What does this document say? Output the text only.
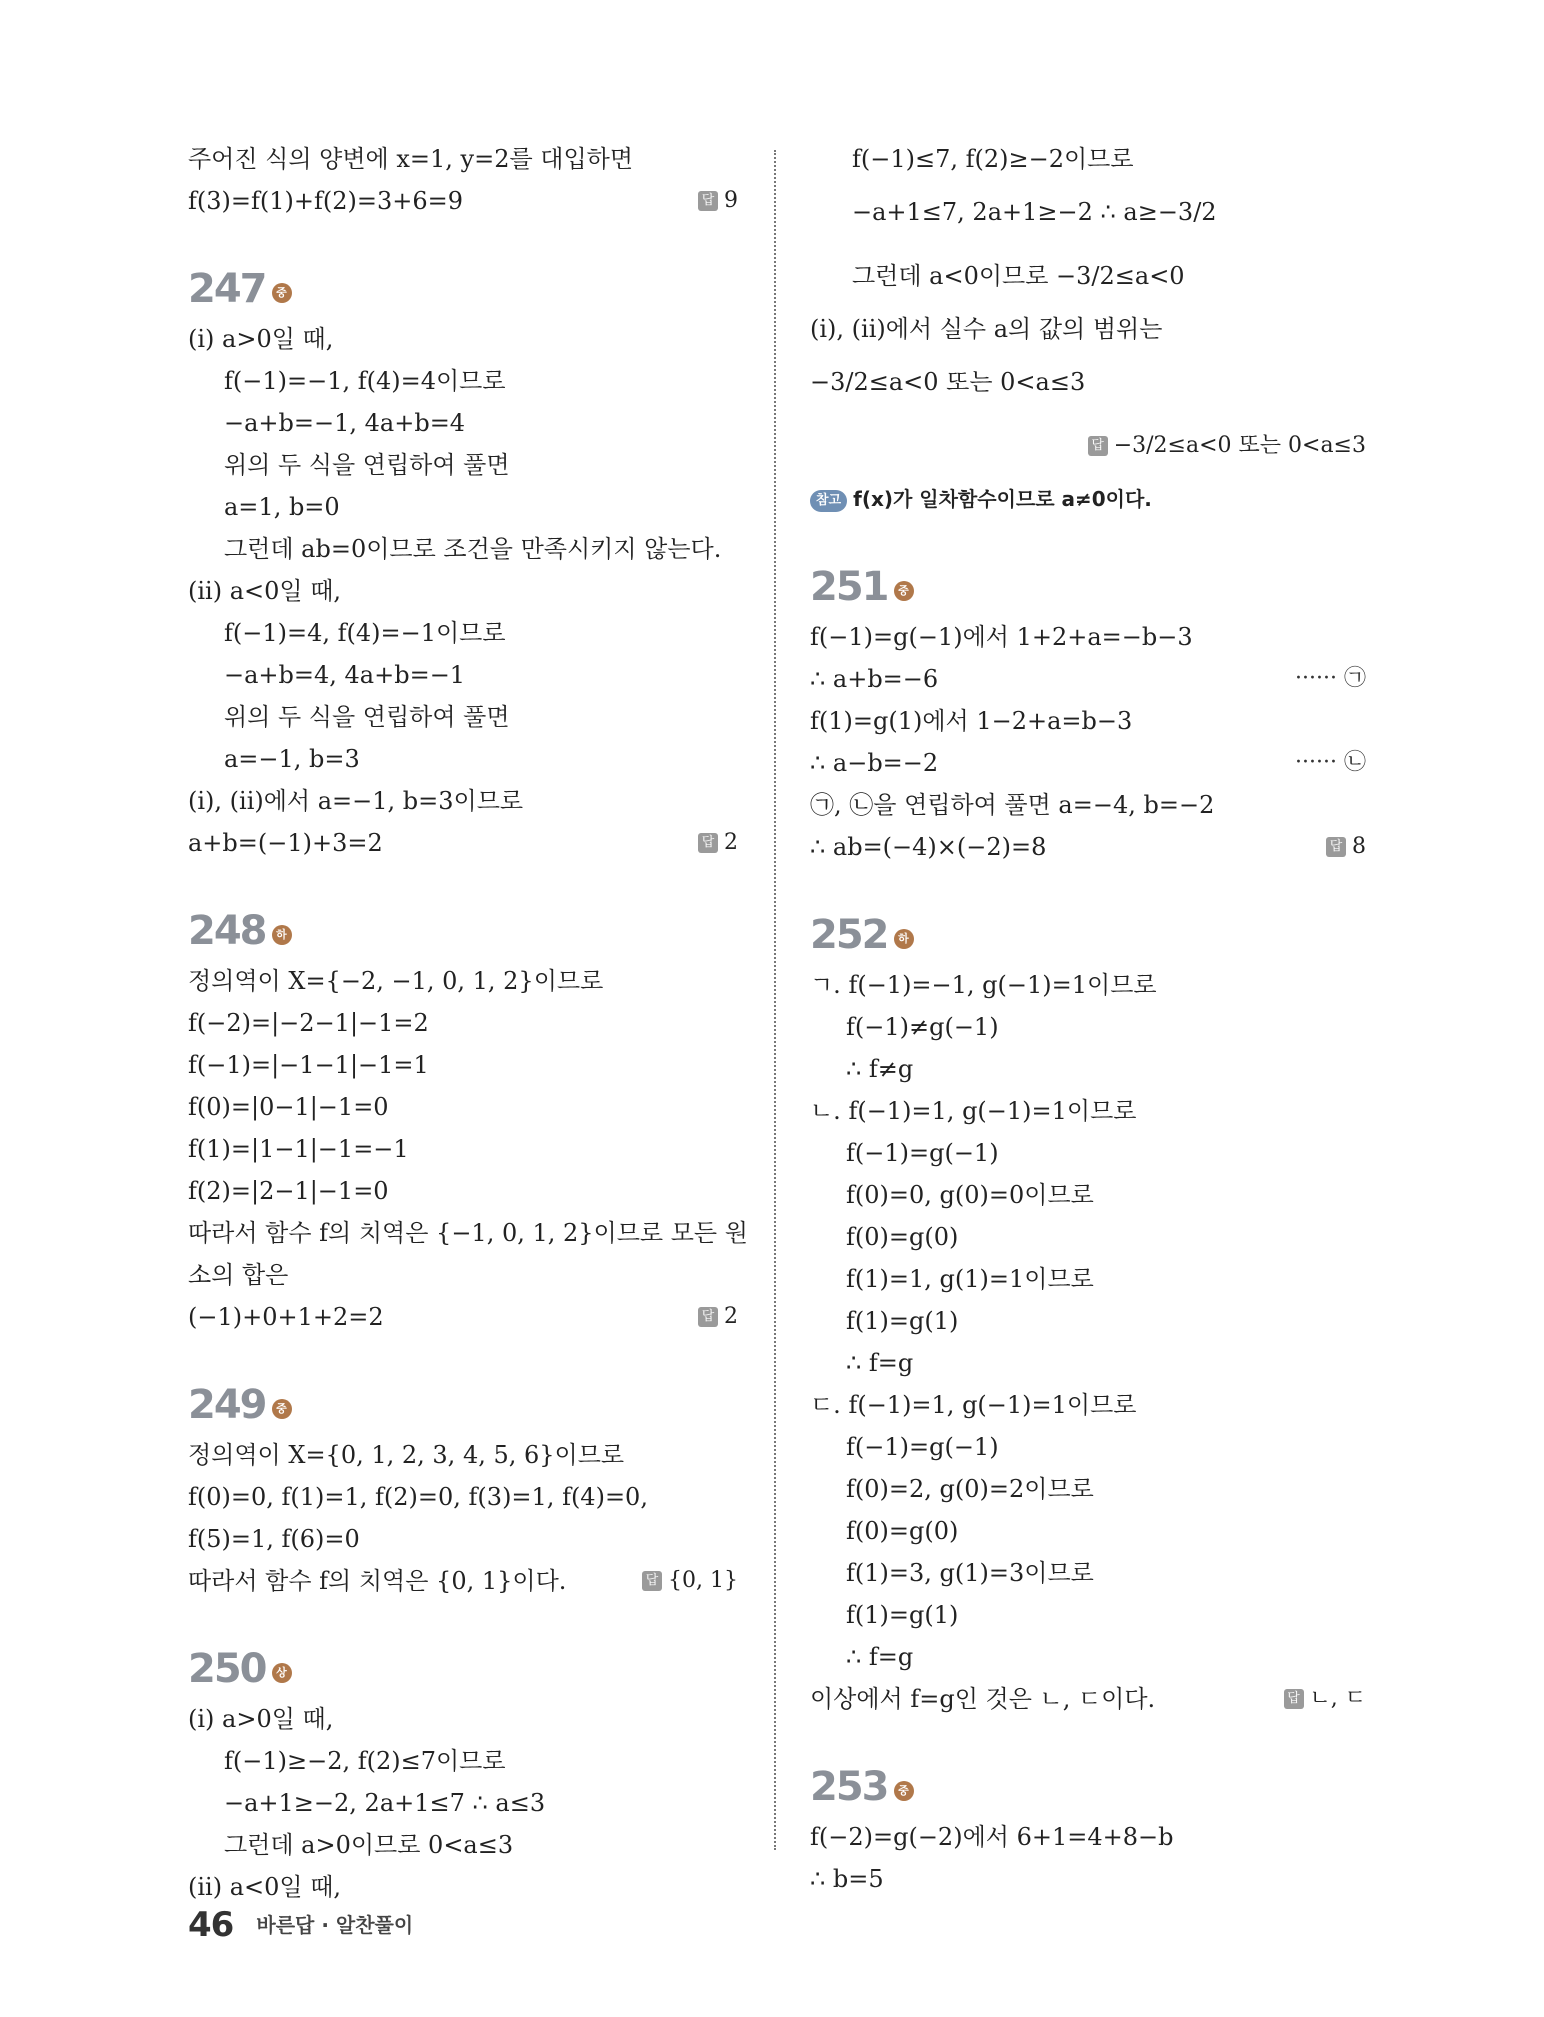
주어진 식의 양변에 x=1, y=2를 대입하면
f(3)=f(1)+f(2)=3+6=9	답 9
247 중
(i) a>0일 때,
f(−1)=−1, f(4)=4이므로
−a+b=−1, 4a+b=4
위의 두 식을 연립하여 풀면
a=1, b=0
그런데 ab=0이므로 조건을 만족시키지 않는다.
(ii) a<0일 때,
f(−1)=4, f(4)=−1이므로
−a+b=4, 4a+b=−1
위의 두 식을 연립하여 풀면
a=−1, b=3
(i), (ii)에서 a=−1, b=3이므로
a+b=(−1)+3=2	답 2
248 하
정의역이 X={−2, −1, 0, 1, 2}이므로
f(−2)=|−2−1|−1=2
f(−1)=|−1−1|−1=1
f(0)=|0−1|−1=0
f(1)=|1−1|−1=−1
f(2)=|2−1|−1=0
따라서 함수 f의 치역은 {−1, 0, 1, 2}이므로 모든 원
소의 합은
(−1)+0+1+2=2	답 2
249 중
정의역이 X={0, 1, 2, 3, 4, 5, 6}이므로
f(0)=0, f(1)=1, f(2)=0, f(3)=1, f(4)=0,
f(5)=1, f(6)=0
따라서 함수 f의 치역은 {0, 1}이다.	답 {0, 1}
250 상
(i) a>0일 때,
f(−1)≥−2, f(2)≤7이므로
−a+1≥−2, 2a+1≤7 ∴ a≤3
그런데 a>0이므로 0<a≤3
(ii) a<0일 때,
f(−1)≤7, f(2)≥−2이므로
−a+1≤7, 2a+1≥−2 ∴ a≥−3/2
그런데 a<0이므로 −3/2≤a<0
(i), (ii)에서 실수 a의 값의 범위는
−3/2≤a<0 또는 0<a≤3
답 −3/2≤a<0 또는 0<a≤3
참고 f(x)가 일차함수이므로 a≠0이다.
251 중
f(−1)=g(−1)에서 1+2+a=−b−3
∴ a+b=−6	······ ㉠
f(1)=g(1)에서 1−2+a=b−3
∴ a−b=−2	······ ㉡
㉠, ㉡을 연립하여 풀면 a=−4, b=−2
∴ ab=(−4)×(−2)=8	답 8
252 하
ㄱ. f(−1)=−1, g(−1)=1이므로
f(−1)≠g(−1)
∴ f≠g
ㄴ. f(−1)=1, g(−1)=1이므로
f(−1)=g(−1)
f(0)=0, g(0)=0이므로
f(0)=g(0)
f(1)=1, g(1)=1이므로
f(1)=g(1)
∴ f=g
ㄷ. f(−1)=1, g(−1)=1이므로
f(−1)=g(−1)
f(0)=2, g(0)=2이므로
f(0)=g(0)
f(1)=3, g(1)=3이므로
f(1)=g(1)
∴ f=g
이상에서 f=g인 것은 ㄴ, ㄷ이다.	답 ㄴ, ㄷ
253 중
f(−2)=g(−2)에서 6+1=4+8−b
∴ b=5
46 바른답 · 알찬풀이
